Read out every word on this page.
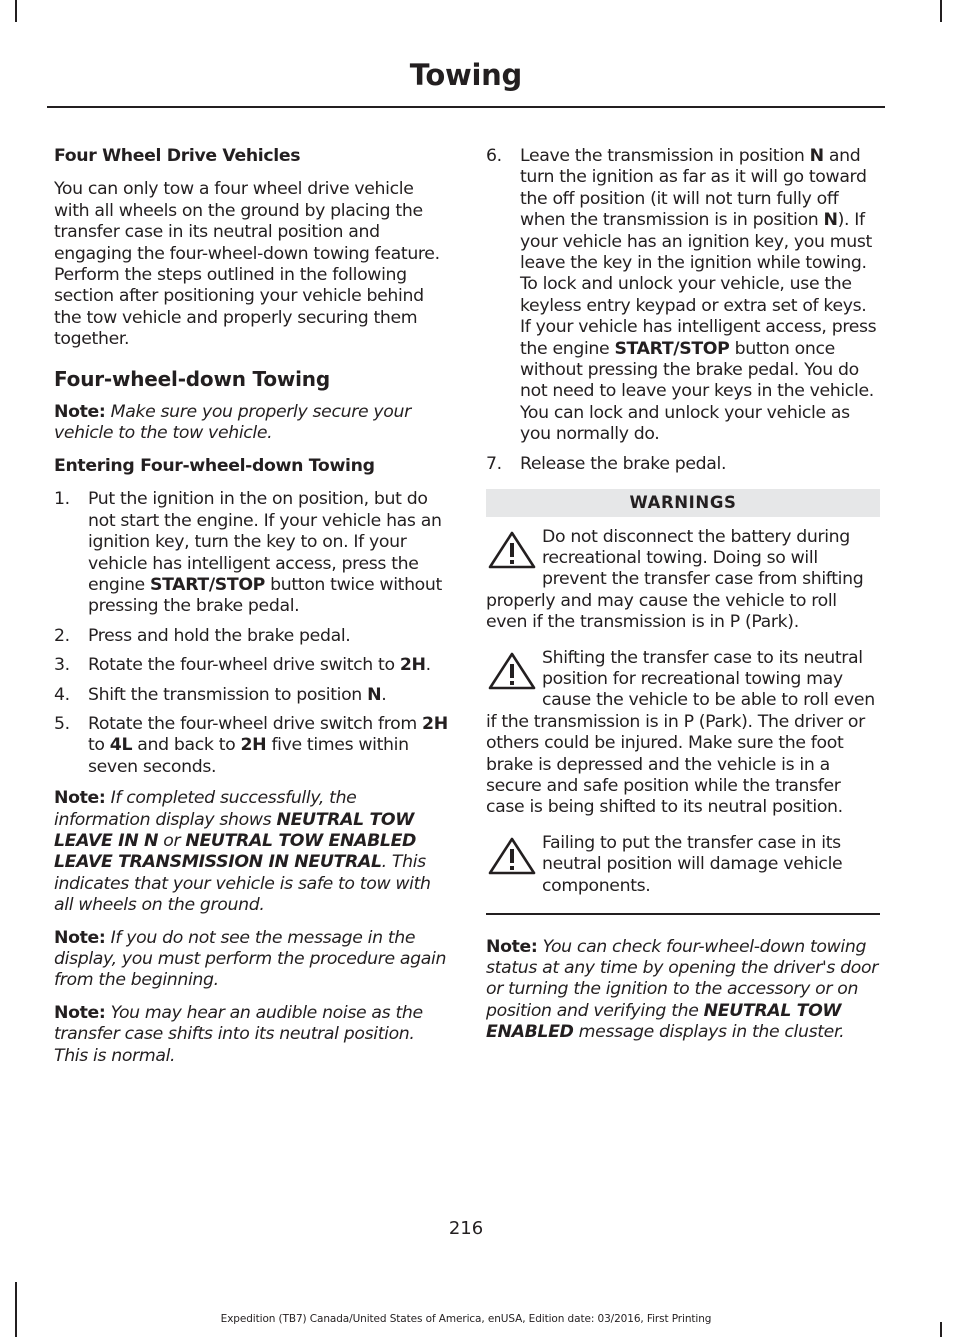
Towing

Four Wheel Drive Vehicles

You can only tow a four wheel drive vehicle with all wheels on the ground by placing the transfer case in its neutral position and engaging the four-wheel-down towing feature. Perform the steps outlined in the following section after positioning your vehicle behind the tow vehicle and properly securing them together.

Four-wheel-down Towing

Note: Make sure you properly secure your vehicle to the tow vehicle.

Entering Four-wheel-down Towing

1. Put the ignition in the on position, but do not start the engine. If your vehicle has an ignition key, turn the key to on. If your vehicle has intelligent access, press the engine START/STOP button twice without pressing the brake pedal.
2. Press and hold the brake pedal.
3. Rotate the four-wheel drive switch to 2H.
4. Shift the transmission to position N.
5. Rotate the four-wheel drive switch from 2H to 4L and back to 2H five times within seven seconds.

Note: If completed successfully, the information display shows NEUTRAL TOW LEAVE IN N or NEUTRAL TOW ENABLED LEAVE TRANSMISSION IN NEUTRAL. This indicates that your vehicle is safe to tow with all wheels on the ground.

Note: If you do not see the message in the display, you must perform the procedure again from the beginning.

Note: You may hear an audible noise as the transfer case shifts into its neutral position. This is normal.

6. Leave the transmission in position N and turn the ignition as far as it will go toward the off position (it will not turn fully off when the transmission is in position N). If your vehicle has an ignition key, you must leave the key in the ignition while towing. To lock and unlock your vehicle, use the keyless entry keypad or extra set of keys. If your vehicle has intelligent access, press the engine START/STOP button once without pressing the brake pedal. You do not need to leave your keys in the vehicle. You can lock and unlock your vehicle as you normally do.
7. Release the brake pedal.
WARNINGS
Do not disconnect the battery during recreational towing. Doing so will prevent the transfer case from shifting properly and may cause the vehicle to roll even if the transmission is in P (Park).
Shifting the transfer case to its neutral position for recreational towing may cause the vehicle to be able to roll even if the transmission is in P (Park). The driver or others could be injured. Make sure the foot brake is depressed and the vehicle is in a secure and safe position while the transfer case is being shifted to its neutral position.
Failing to put the transfer case in its neutral position will damage vehicle components.

Note: You can check four-wheel-down towing status at any time by opening the driver's door or turning the ignition to the accessory or on position and verifying the NEUTRAL TOW ENABLED message displays in the cluster.

216
Expedition (TB7) Canada/United States of America, enUSA, Edition date: 03/2016, First Printing
